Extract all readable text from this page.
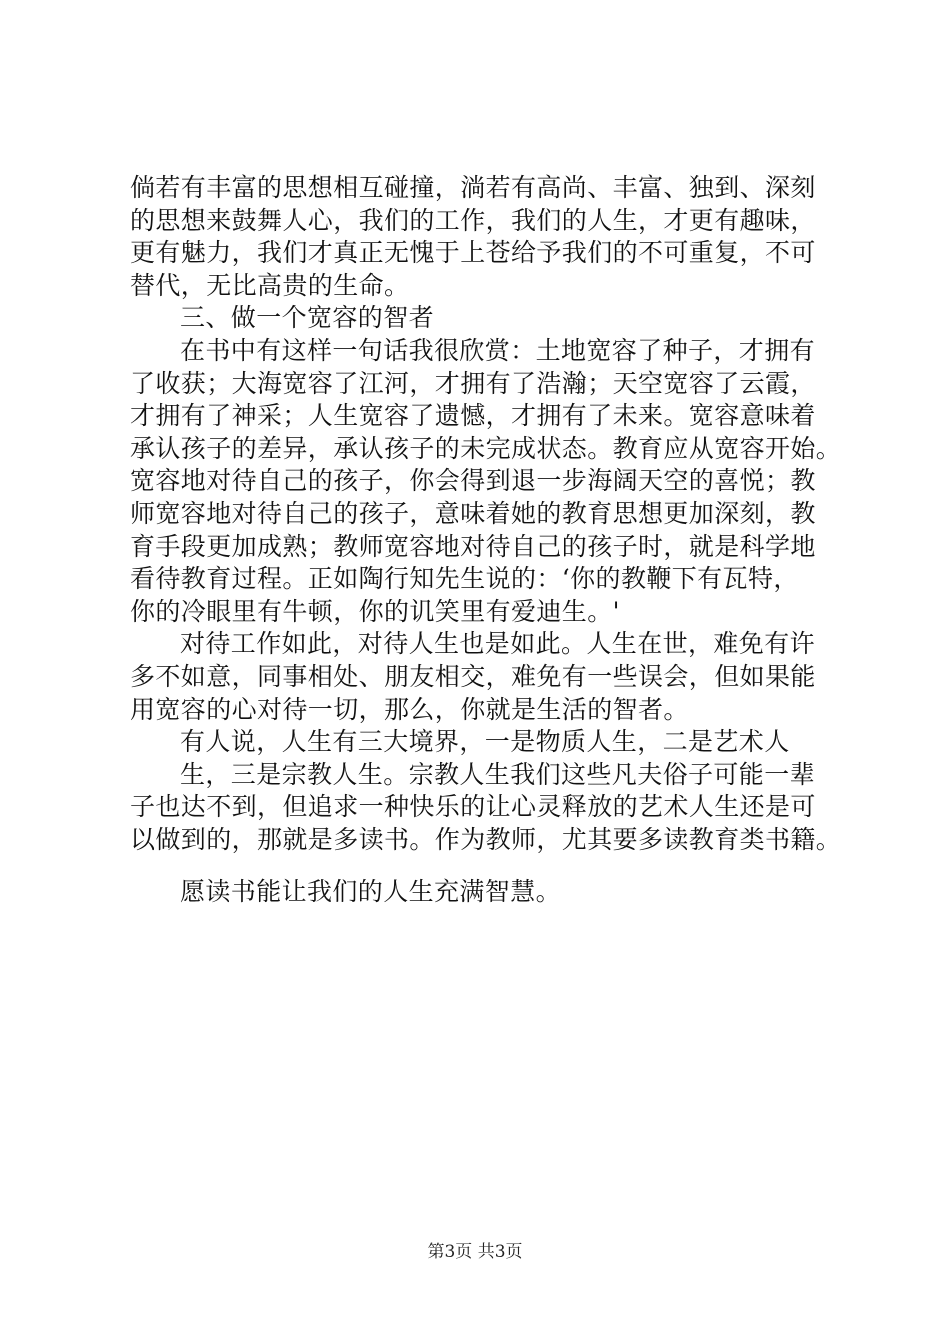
倘若有丰富的思想相互碰撞，淌若有高尚、丰富、独到、深刻
的思想来鼓舞人心，我们的工作，我们的人生，才更有趣味，
更有魅力，我们才真正无愧于上苍给予我们的不可重复，不可
替代，无比高贵的生命。
三、做一个宽容的智者
在书中有这样一句话我很欣赏：土地宽容了种子，才拥有
了收获；大海宽容了江河，才拥有了浩瀚；天空宽容了云霞，
才拥有了神采；人生宽容了遗憾，才拥有了未来。宽容意味着
承认孩子的差异，承认孩子的未完成状态。教育应从宽容开始。
宽容地对待自己的孩子，你会得到退一步海阔天空的喜悦；教
师宽容地对待自己的孩子，意味着她的教育思想更加深刻，教
育手段更加成熟；教师宽容地对待自己的孩子时，就是科学地
看待教育过程。正如陶行知先生说的：‘你的教鞭下有瓦特，
你的冷眼里有牛顿，你的讥笑里有爱迪生。'
对待工作如此，对待人生也是如此。人生在世，难免有许
多不如意，同事相处、朋友相交，难免有一些误会，但如果能
用宽容的心对待一切，那么，你就是生活的智者。
有人说，人生有三大境界，一是物质人生，二是艺术人
生，三是宗教人生。宗教人生我们这些凡夫俗子可能一辈
子也达不到，但追求一种快乐的让心灵释放的艺术人生还是可
以做到的，那就是多读书。作为教师，尤其要多读教育类书籍。
愿读书能让我们的人生充满智慧。
第3页 共3页
